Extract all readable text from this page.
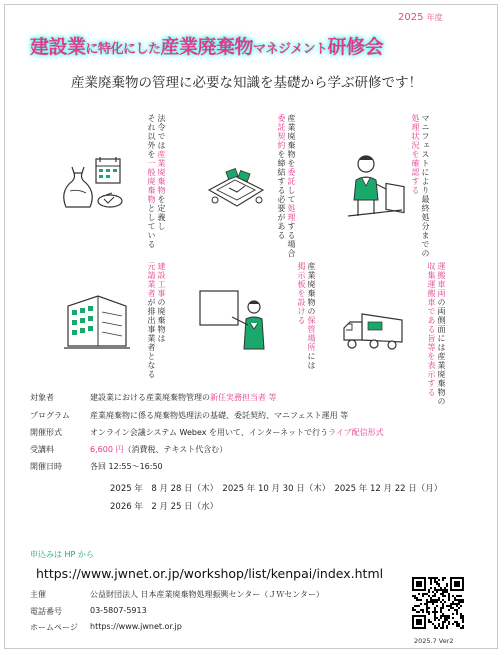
2025 年度
建設業に特化にした産業廃棄物マネジメント研修会
産業廃棄物の管理に必要な知識を基礎から学ぶ研修です！
法令では産業廃棄物を定義し
それ以外を一般廃棄物としている
産業廃棄物を委託して処理する場合
委託契約を締結する必要がある	マニフェストにより最終処分までの
処理状況を確認する
建設工事の廃棄物は
元請業者が排出事業者となる
産業廃棄物の保管場所には
掲示板を設ける	運搬車両の両側面には産業廃棄物の
収集運搬車である旨等を表示する
対象者	建設業における産業廃棄物管理の新任実務担当者 等
プログラム	産業廃棄物に係る廃棄物処理法の基礎、委託契約、マニフェスト運用 等
開催形式	オンライン会議システム Webex を用いて、インターネットで行うライブ配信形式
受講料	6,600 円（消費税、テキスト代含む）
開催日時	各回 12:55～16:50
2025 年　8 月 28 日（木）　2025 年 10 月 30 日（木）　2025 年 12 月 22 日（月）
2026 年　2 月 25 日（水）
申込みは HP から
https://www.jwnet.or.jp/workshop/list/kenpai/index.html
主催	公益財団法人 日本産業廃棄物処理振興センター（ＪＷセンター）
電話番号	03-5807-5913
ホームページ https://www.jwnet.or.jp
2025.7 Ver2
